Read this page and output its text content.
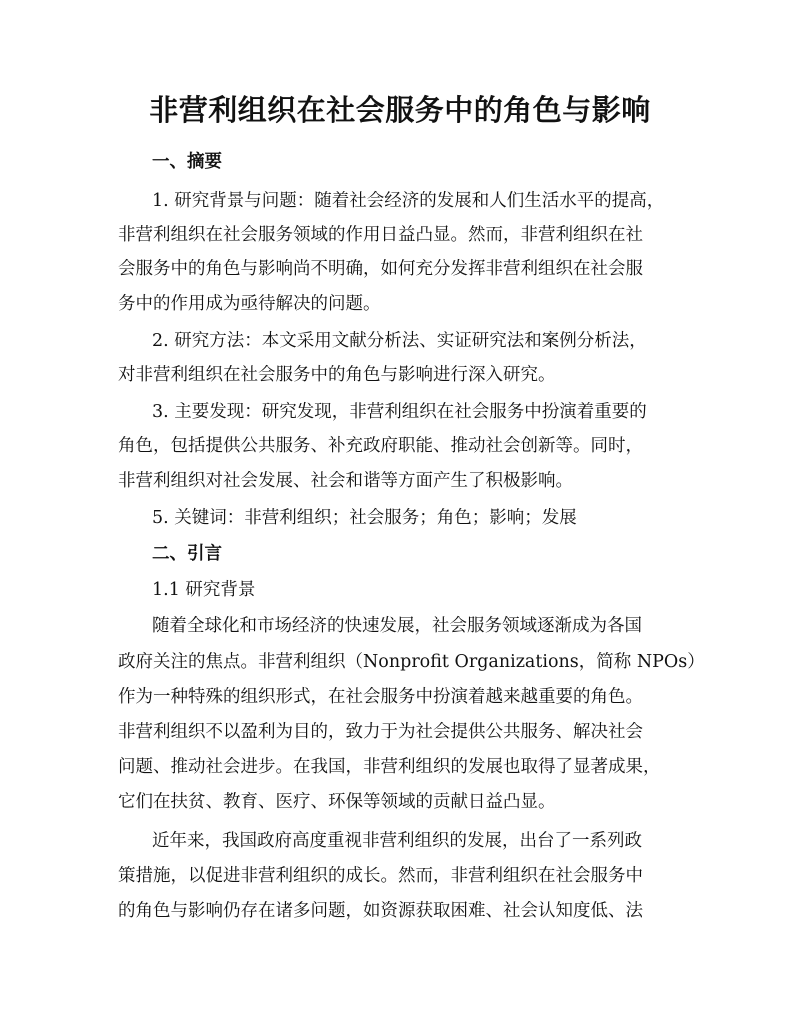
非营利组织在社会服务中的角色与影响

一、摘要

1. 研究背景与问题：随着社会经济的发展和人们生活水平的提高，

非营利组织在社会服务领域的作用日益凸显。然而，非营利组织在社

会服务中的角色与影响尚不明确，如何充分发挥非营利组织在社会服

务中的作用成为亟待解决的问题。

2. 研究方法：本文采用文献分析法、实证研究法和案例分析法，

对非营利组织在社会服务中的角色与影响进行深入研究。

3. 主要发现：研究发现，非营利组织在社会服务中扮演着重要的

角色，包括提供公共服务、补充政府职能、推动社会创新等。同时，

非营利组织对社会发展、社会和谐等方面产生了积极影响。

5. 关键词：非营利组织；社会服务；角色；影响；发展

二、引言

1.1 研究背景

随着全球化和市场经济的快速发展，社会服务领域逐渐成为各国

政府关注的焦点。非营利组织（Nonprofit Organizations，简称 NPOs）

作为一种特殊的组织形式，在社会服务中扮演着越来越重要的角色。

非营利组织不以盈利为目的，致力于为社会提供公共服务、解决社会

问题、推动社会进步。在我国，非营利组织的发展也取得了显著成果，

它们在扶贫、教育、医疗、环保等领域的贡献日益凸显。

近年来，我国政府高度重视非营利组织的发展，出台了一系列政

策措施，以促进非营利组织的成长。然而，非营利组织在社会服务中

的角色与影响仍存在诸多问题，如资源获取困难、社会认知度低、法
